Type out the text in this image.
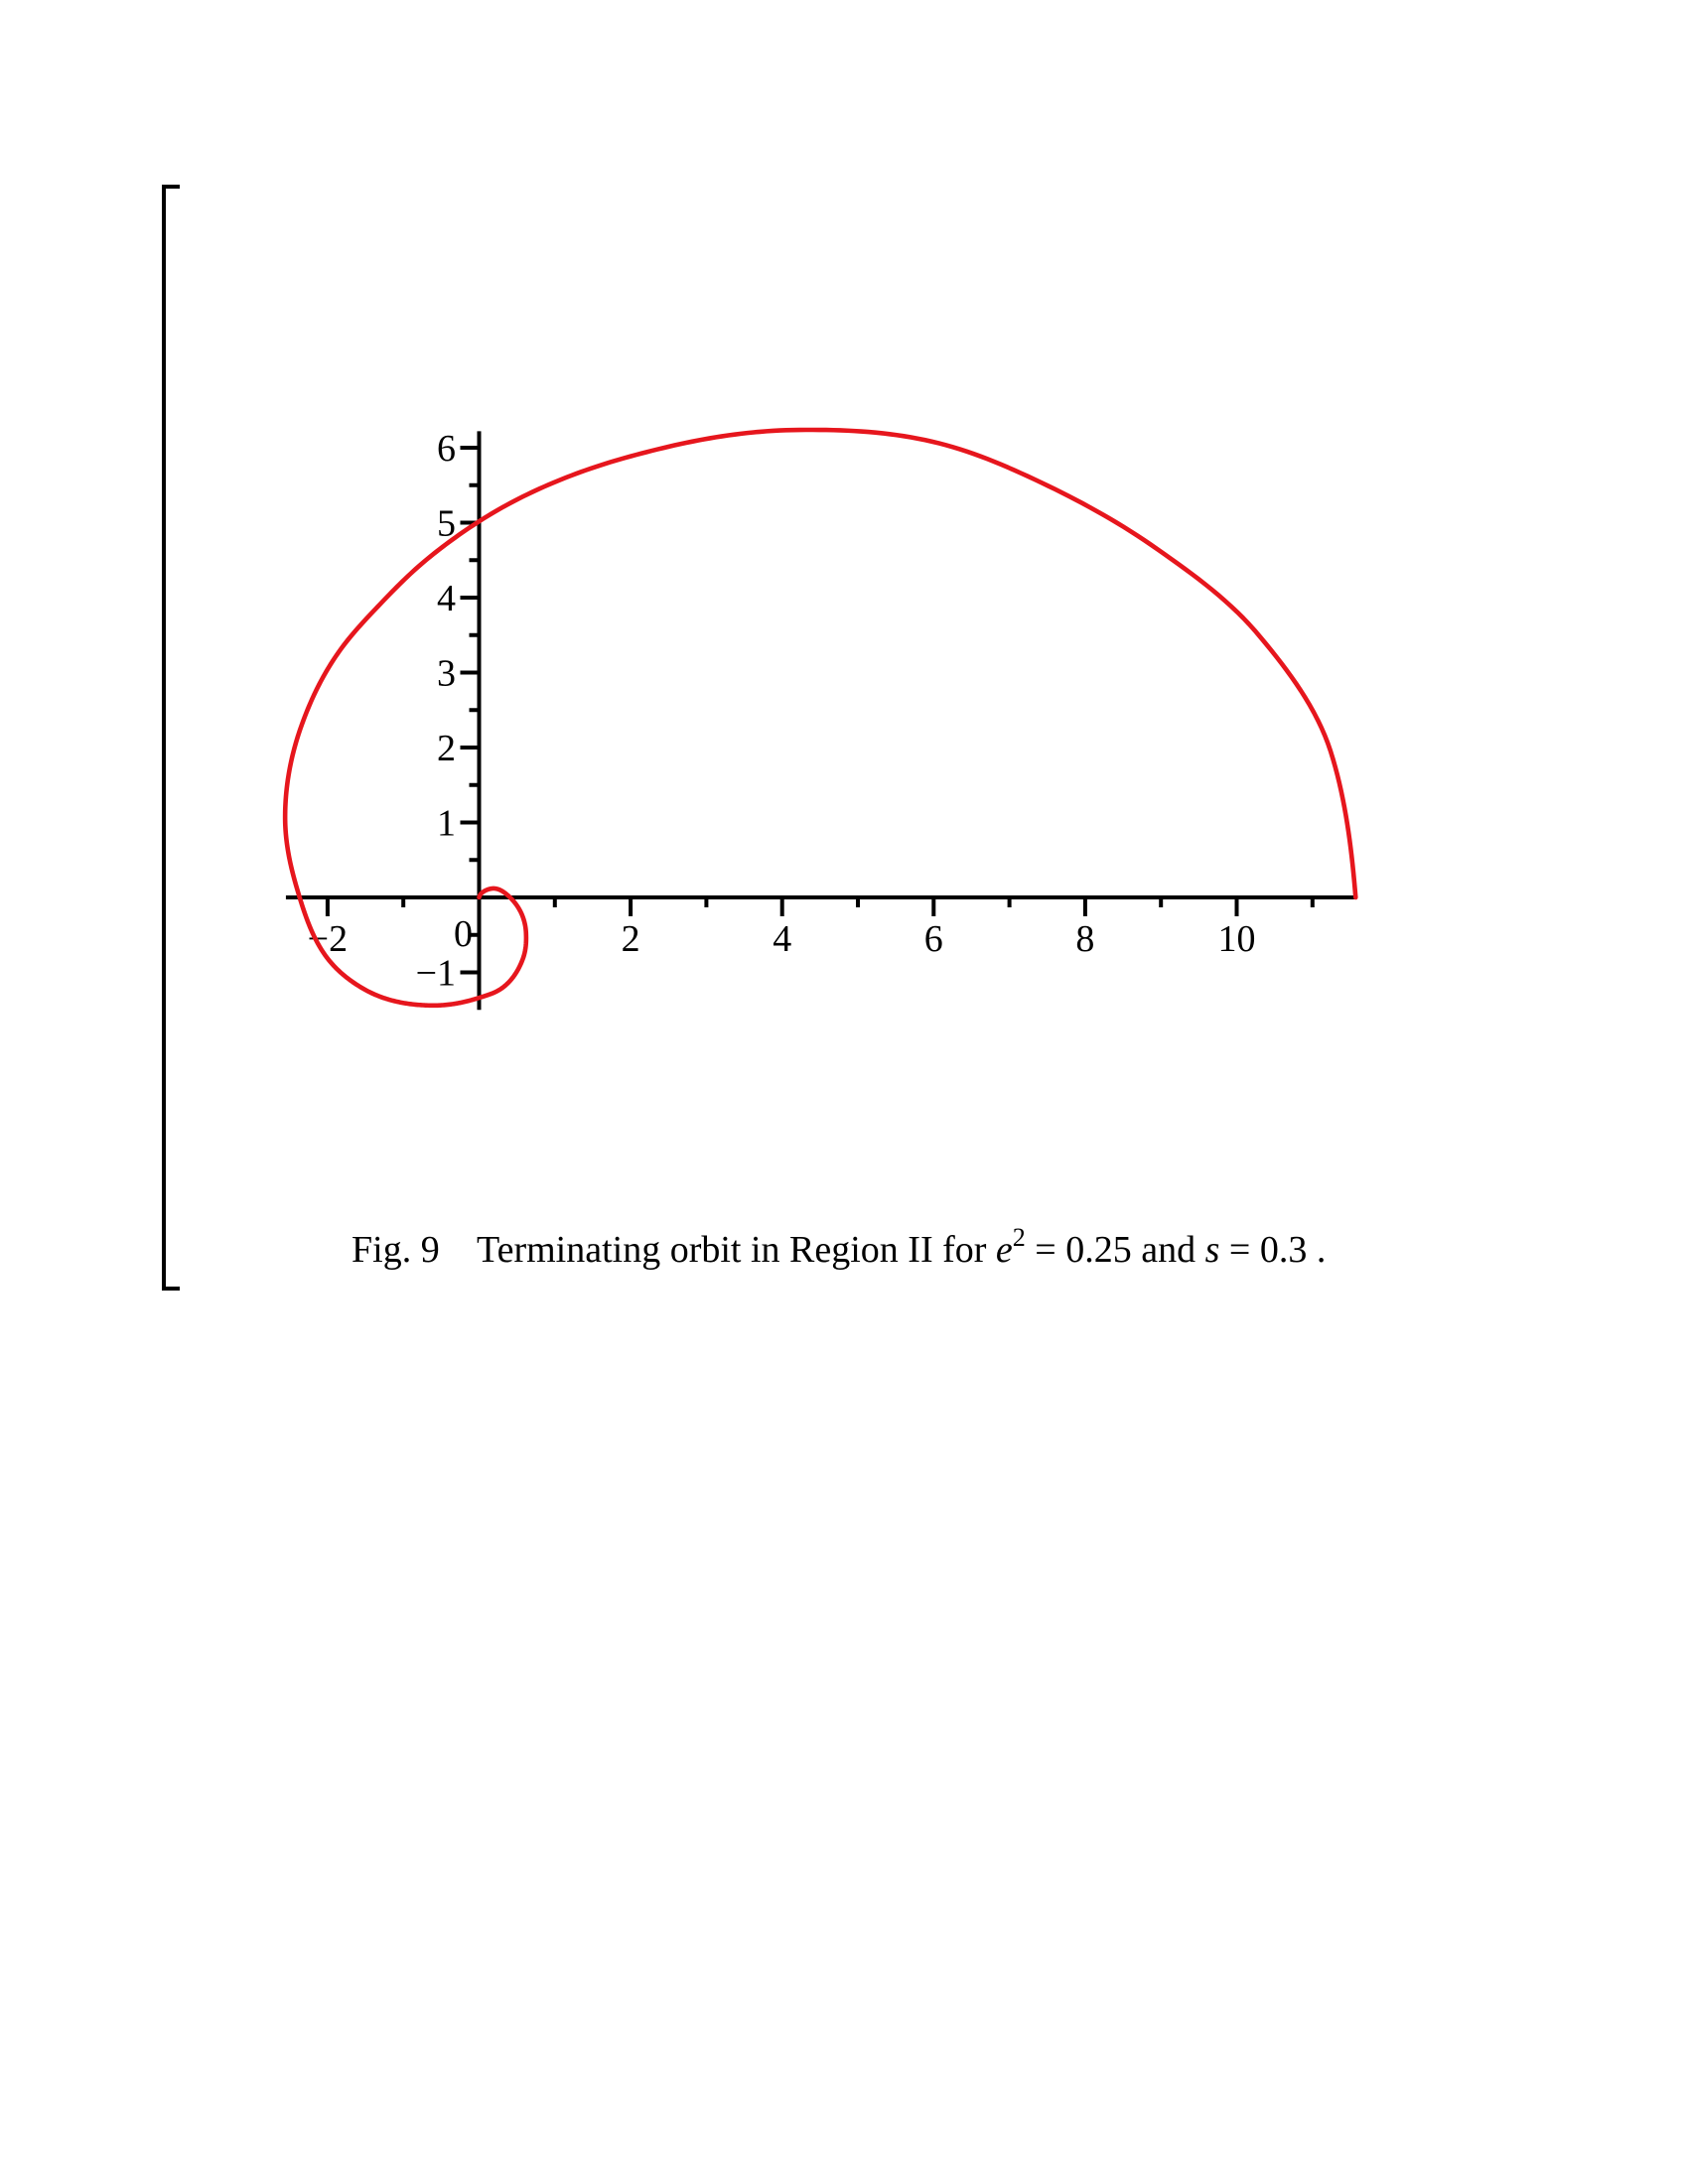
−2	2	4	6	8	10
−1
1
2
3
4
5
6
0

Fig. 9 Terminating orbit in Region II for $e^2 = 0.25$ and s = 0.3 .
